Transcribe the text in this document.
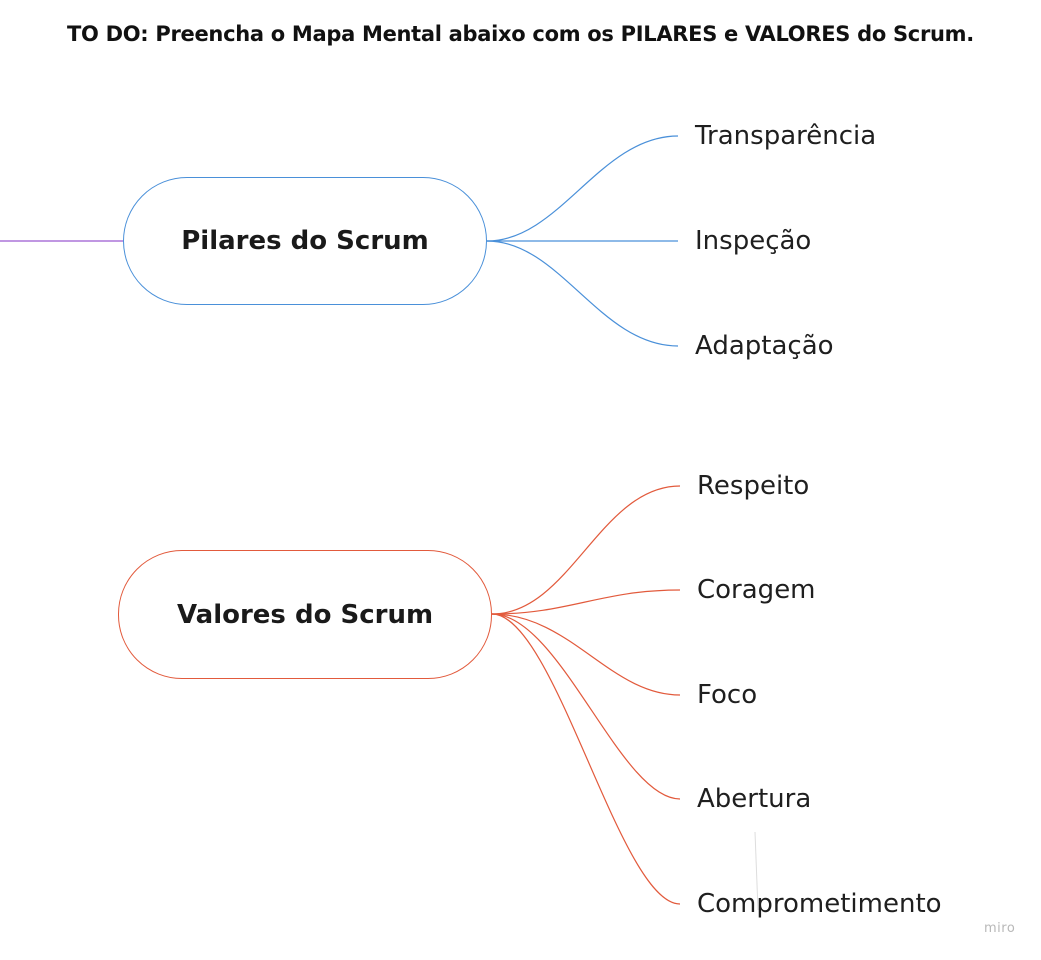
TO DO: Preencha o Mapa Mental abaixo com os PILARES e VALORES do Scrum.
Pilares do Scrum
Transparência
Inspeção
Adaptação
Valores do Scrum
Respeito
Coragem
Foco
Abertura
Comprometimento
miro
